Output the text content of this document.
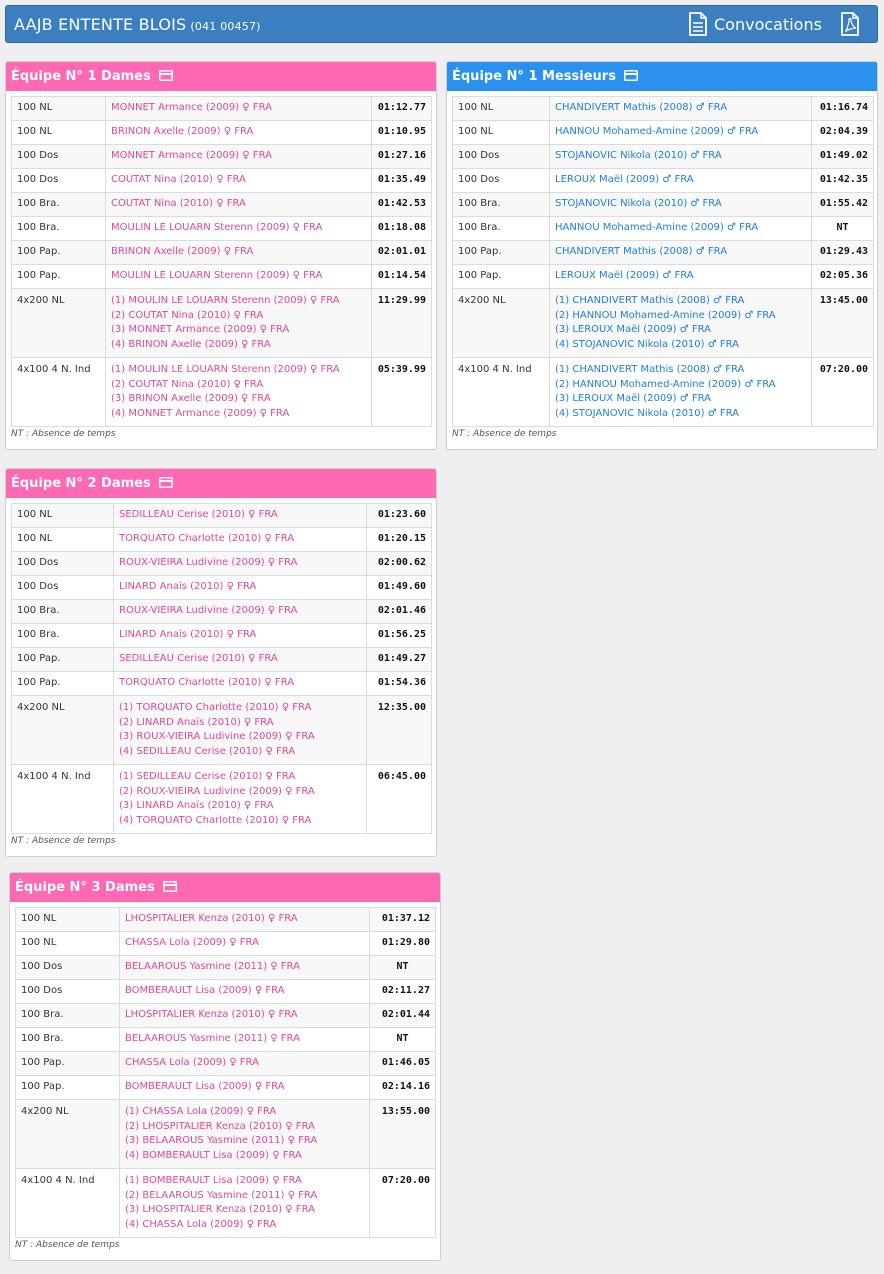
AAJB ENTENTE BLOIS (041 00457)	Convocations
Équipe N° 1 Dames
100 NL	MONNET Armance (2009) ♀ FRA	01:12.77
100 NL	BRINON Axelle (2009) ♀ FRA	01:10.95
100 Dos	MONNET Armance (2009) ♀ FRA	01:27.16
100 Dos	COUTAT Nina (2010) ♀ FRA	01:35.49
100 Bra.	COUTAT Nina (2010) ♀ FRA	01:42.53
100 Bra.	MOULIN LE LOUARN Sterenn (2009) ♀ FRA	01:18.08
100 Pap.	BRINON Axelle (2009) ♀ FRA	02:01.01
100 Pap.	MOULIN LE LOUARN Sterenn (2009) ♀ FRA	01:14.54
4x200 NL	(1) MOULIN LE LOUARN Sterenn (2009) ♀ FRA
(2) COUTAT Nina (2010) ♀ FRA
(3) MONNET Armance (2009) ♀ FRA
(4) BRINON Axelle (2009) ♀ FRA	11:29.99
4x100 4 N. Ind	(1) MOULIN LE LOUARN Sterenn (2009) ♀ FRA
(2) COUTAT Nina (2010) ♀ FRA
(3) BRINON Axelle (2009) ♀ FRA
(4) MONNET Armance (2009) ♀ FRA	05:39.99
NT : Absence de temps
Équipe N° 1 Messieurs
100 NL	CHANDIVERT Mathis (2008) ♂ FRA	01:16.74
100 NL	HANNOU Mohamed-Amine (2009) ♂ FRA	02:04.39
100 Dos	STOJANOVIC Nikola (2010) ♂ FRA	01:49.02
100 Dos	LEROUX Maël (2009) ♂ FRA	01:42.35
100 Bra.	STOJANOVIC Nikola (2010) ♂ FRA	01:55.42
100 Bra.	HANNOU Mohamed-Amine (2009) ♂ FRA	NT
100 Pap.	CHANDIVERT Mathis (2008) ♂ FRA	01:29.43
100 Pap.	LEROUX Maël (2009) ♂ FRA	02:05.36
4x200 NL	(1) CHANDIVERT Mathis (2008) ♂ FRA
(2) HANNOU Mohamed-Amine (2009) ♂ FRA
(3) LEROUX Maël (2009) ♂ FRA
(4) STOJANOVIC Nikola (2010) ♂ FRA	13:45.00
4x100 4 N. Ind	(1) CHANDIVERT Mathis (2008) ♂ FRA
(2) HANNOU Mohamed-Amine (2009) ♂ FRA
(3) LEROUX Maël (2009) ♂ FRA
(4) STOJANOVIC Nikola (2010) ♂ FRA	07:20.00
NT : Absence de temps
Équipe N° 2 Dames
100 NL	SEDILLEAU Cerise (2010) ♀ FRA	01:23.60
100 NL	TORQUATO Charlotte (2010) ♀ FRA	01:20.15
100 Dos	ROUX-VIEIRA Ludivine (2009) ♀ FRA	02:00.62
100 Dos	LINARD Anaïs (2010) ♀ FRA	01:49.60
100 Bra.	ROUX-VIEIRA Ludivine (2009) ♀ FRA	02:01.46
100 Bra.	LINARD Anaïs (2010) ♀ FRA	01:56.25
100 Pap.	SEDILLEAU Cerise (2010) ♀ FRA	01:49.27
100 Pap.	TORQUATO Charlotte (2010) ♀ FRA	01:54.36
4x200 NL	(1) TORQUATO Charlotte (2010) ♀ FRA
(2) LINARD Anaïs (2010) ♀ FRA
(3) ROUX-VIEIRA Ludivine (2009) ♀ FRA
(4) SEDILLEAU Cerise (2010) ♀ FRA	12:35.00
4x100 4 N. Ind	(1) SEDILLEAU Cerise (2010) ♀ FRA
(2) ROUX-VIEIRA Ludivine (2009) ♀ FRA
(3) LINARD Anaïs (2010) ♀ FRA
(4) TORQUATO Charlotte (2010) ♀ FRA	06:45.00
NT : Absence de temps
Équipe N° 3 Dames
100 NL	LHOSPITALIER Kenza (2010) ♀ FRA	01:37.12
100 NL	CHASSA Lola (2009) ♀ FRA	01:29.80
100 Dos	BELAAROUS Yasmine (2011) ♀ FRA	NT
100 Dos	BOMBERAULT Lisa (2009) ♀ FRA	02:11.27
100 Bra.	LHOSPITALIER Kenza (2010) ♀ FRA	02:01.44
100 Bra.	BELAAROUS Yasmine (2011) ♀ FRA	NT
100 Pap.	CHASSA Lola (2009) ♀ FRA	01:46.05
100 Pap.	BOMBERAULT Lisa (2009) ♀ FRA	02:14.16
4x200 NL	(1) CHASSA Lola (2009) ♀ FRA
(2) LHOSPITALIER Kenza (2010) ♀ FRA
(3) BELAAROUS Yasmine (2011) ♀ FRA
(4) BOMBERAULT Lisa (2009) ♀ FRA	13:55.00
4x100 4 N. Ind	(1) BOMBERAULT Lisa (2009) ♀ FRA
(2) BELAAROUS Yasmine (2011) ♀ FRA
(3) LHOSPITALIER Kenza (2010) ♀ FRA
(4) CHASSA Lola (2009) ♀ FRA	07:20.00
NT : Absence de temps
